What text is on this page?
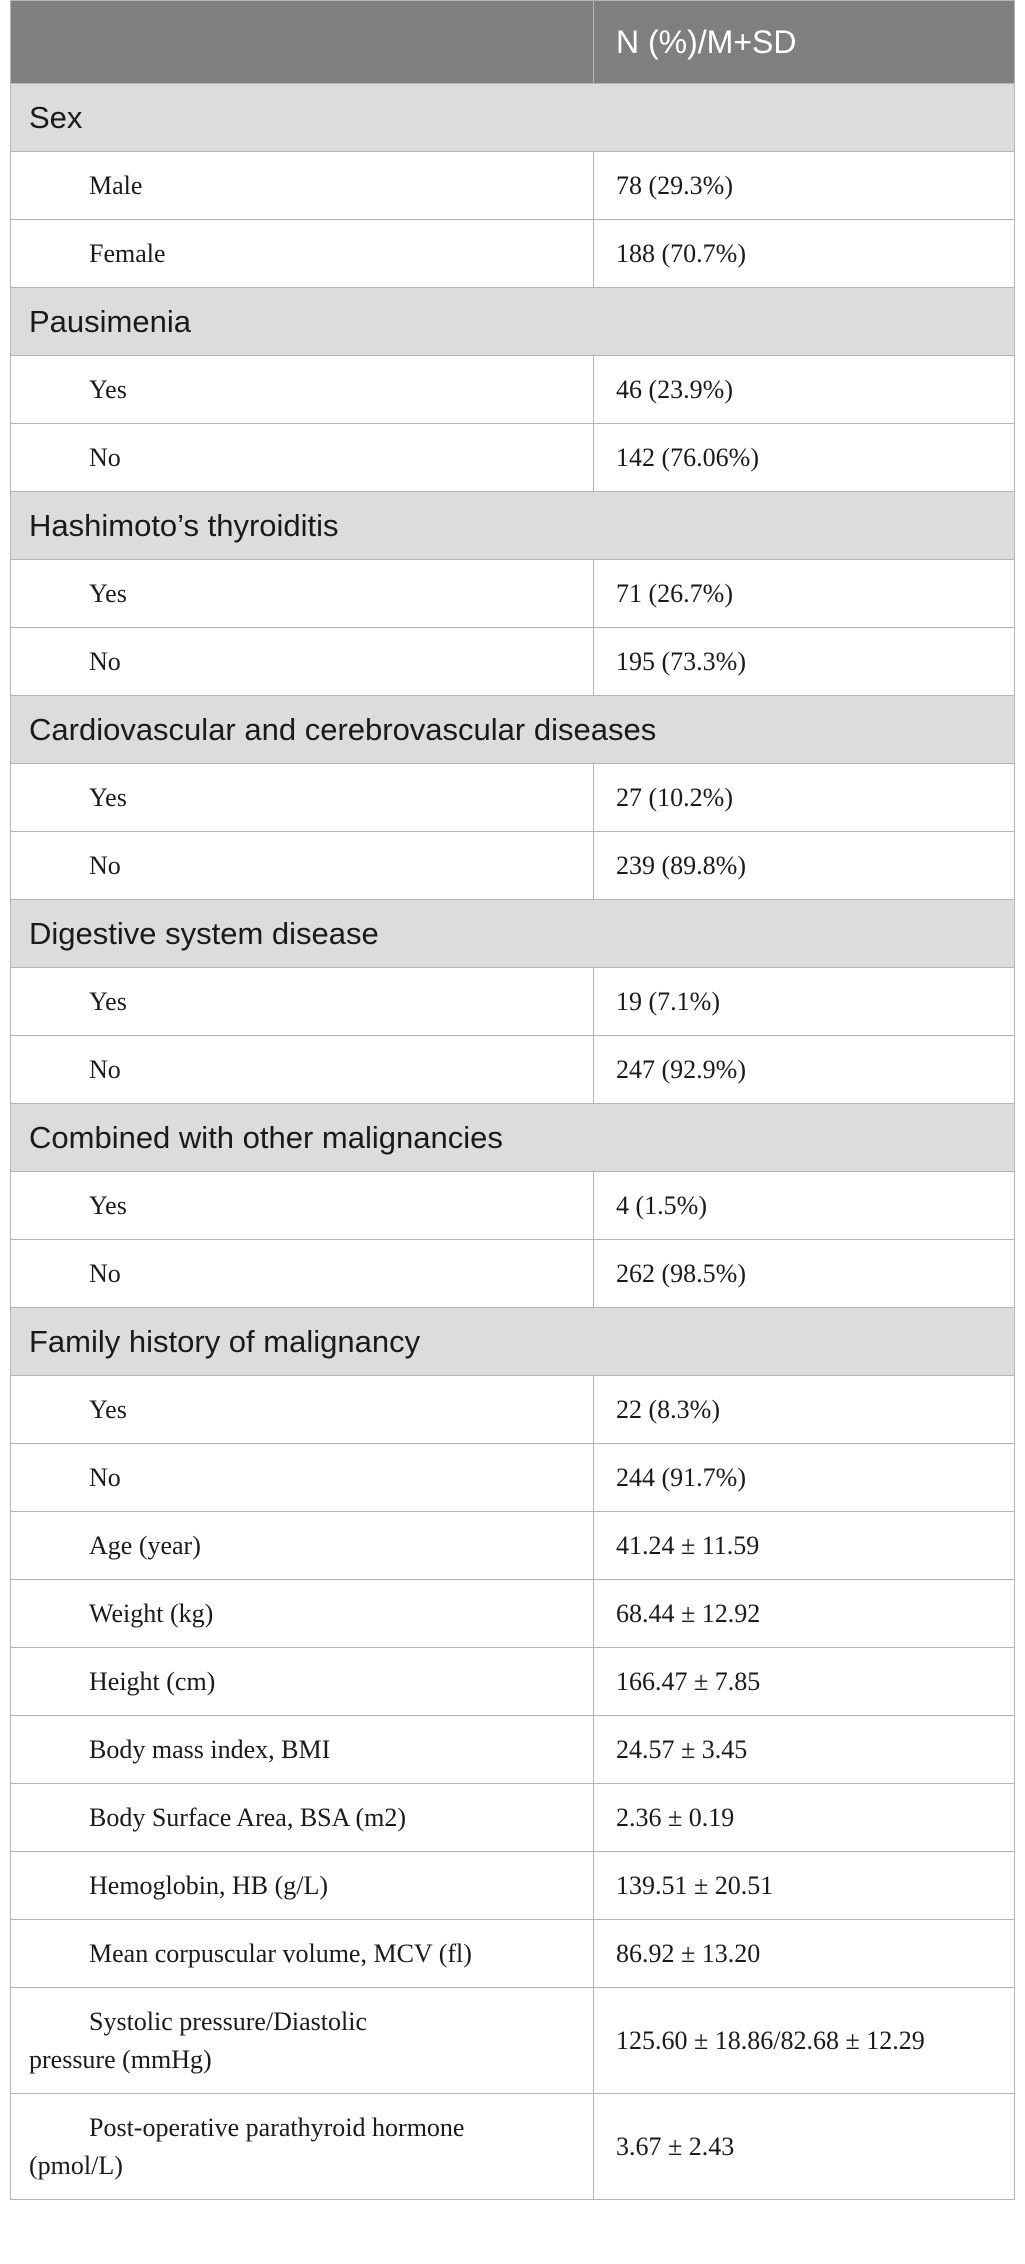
	N (%)/M+SD
Sex	
Male	78 (29.3%)
Female	188 (70.7%)
Pausimenia	
Yes	46 (23.9%)
No	142 (76.06%)
Hashimoto’s thyroiditis	
Yes	71 (26.7%)
No	195 (73.3%)
Cardiovascular and cerebrovascular diseases	
Yes	27 (10.2%)
No	239 (89.8%)
Digestive system disease	
Yes	19 (7.1%)
No	247 (92.9%)
Combined with other malignancies	
Yes	4 (1.5%)
No	262 (98.5%)
Family history of malignancy	
Yes	22 (8.3%)
No	244 (91.7%)
Age (year)	41.24 ± 11.59
Weight (kg)	68.44 ± 12.92
Height (cm)	166.47 ± 7.85
Body mass index, BMI	24.57 ± 3.45
Body Surface Area, BSA (m2)	2.36 ± 0.19
Hemoglobin, HB (g/L)	139.51 ± 20.51
Mean corpuscular volume, MCV (fl)	86.92 ± 13.20
Systolic pressure/Diastolic
pressure (mmHg)	125.60 ± 18.86/82.68 ± 12.29
Post-operative parathyroid hormone
(pmol/L)	3.67 ± 2.43
